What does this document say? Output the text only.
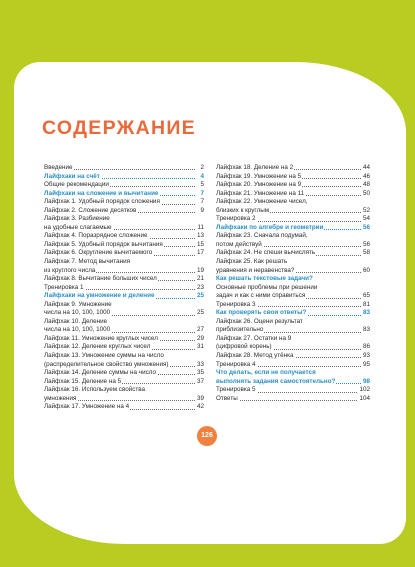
СОДЕРЖАНИЕ
Введение	2
Лайфхаки на счёт	4
Общие рекомендации	5
Лайфхаки на сложение и вычитание	7
Лайфхак 1. Удобный порядок сложения	7
Лайфхак 2. Сложение десятков	9
Лайфхак 3. Разбиение
на удобные слагаемые	11
Лайфхак 4. Поразрядное сложение	13
Лайфхак 5. Удобный порядок вычитания	15
Лайфхак 6. Округление вычитаемого	17
Лайфхак 7. Метод вычитания
из круглого числа	19
Лайфхак 8. Вычитание больших чисел	21
Тренировка 1	23
Лайфхаки на умножение и деление	25
Лайфхак 9. Умножение
числа на 10, 100, 1000	25
Лайфхак 10. Деление
числа на 10, 100, 1000	27
Лайфхак 11. Умножение круглых чисел	29
Лайфхак 12. Деление круглых чисел	31
Лайфхак 13. Умножение суммы на число
(распределительное свойство умножения)	33
Лайфхак 14. Деление суммы на число	35
Лайфхак 15. Деление на 5	37
Лайфхак 16. Используем свойства
умножения	39
Лайфхак 17. Умножение на 4	42
Лайфхак 18. Деление на 2	44
Лайфхак 19. Умножение на 5	46
Лайфхак 20. Умножение на 9	48
Лайфхак 21. Умножение на 11	50
Лайфхак 22. Умножение чисел,
близких к круглым	52
Тренировка 2	54
Лайфхаки по алгебре и геометрии	56
Лайфхак 23. Сначала подумай,
потом действуй	56
Лайфхак 24. Не спеши вычислять	58
Лайфхак 25. Как решать
уравнения и неравенства?	60
Как решать текстовые задачи?
Основные проблемы при решении
задач и как с ними справиться	65
Тренировка 3	81
Как проверять свои ответы?	83
Лайфхак 26. Оцени результат
приблизительно	83
Лайфхак 27. Остатки на 9
(цифровой корень)	86
Лайфхак 28. Метод утёнка	93
Тренировка 4	95
Что делать, если не получается
выполнять задания самостоятельно?	98
Тренировка 5	102
Ответы	104
126
